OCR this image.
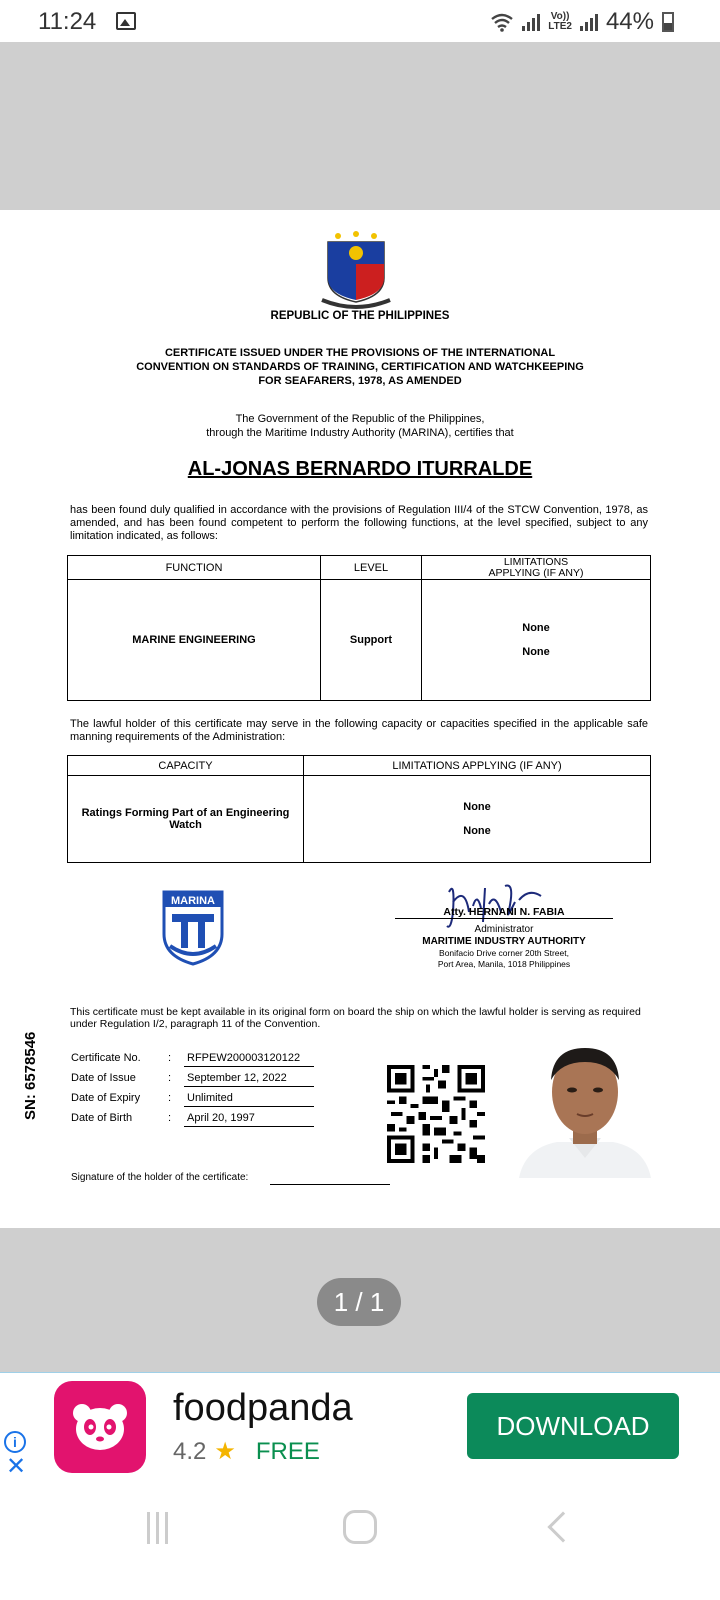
11:24	Vo))
LTE2 44%
REPUBLIC OF THE PHILIPPINES
CERTIFICATE ISSUED UNDER THE PROVISIONS OF THE INTERNATIONAL
CONVENTION ON STANDARDS OF TRAINING, CERTIFICATION AND WATCHKEEPING
FOR SEAFARERS, 1978, AS AMENDED
The Government of the Republic of the Philippines,
through the Maritime Industry Authority (MARINA), certifies that
AL-JONAS BERNARDO ITURRALDE
has been found duly qualified in accordance with the provisions of Regulation III/4 of the STCW Convention, 1978, as amended, and has been found competent to perform the following functions, at the level specified, subject to any limitation indicated, as follows:
FUNCTION	LEVEL	LIMITATIONS
APPLYING (IF ANY)
MARINE ENGINEERING	Support	None
None
The lawful holder of this certificate may serve in the following capacity or capacities specified in the applicable safe manning requirements of the Administration:
CAPACITY	LIMITATIONS APPLYING (IF ANY)
Ratings Forming Part of an Engineering
Watch	None
None
MARINA
Atty. HERNANI N. FABIA
Administrator
MARITIME INDUSTRY AUTHORITY
Bonifacio Drive corner 20th Street,
Port Area, Manila, 1018 Philippines
This certificate must be kept available in its original form on board the ship on which the lawful holder is serving as required under Regulation I/2, paragraph 11 of the Convention.
SN: 6578546	Certificate No.	: RFPEW200003120122
Date of Issue	: September 12, 2022
Date of Expiry	: Unlimited
Date of Birth	: April 20, 1997
Signature of the holder of the certificate:
1 / 1
i
✕
foodpanda
4.2 ★ FREE
DOWNLOAD
